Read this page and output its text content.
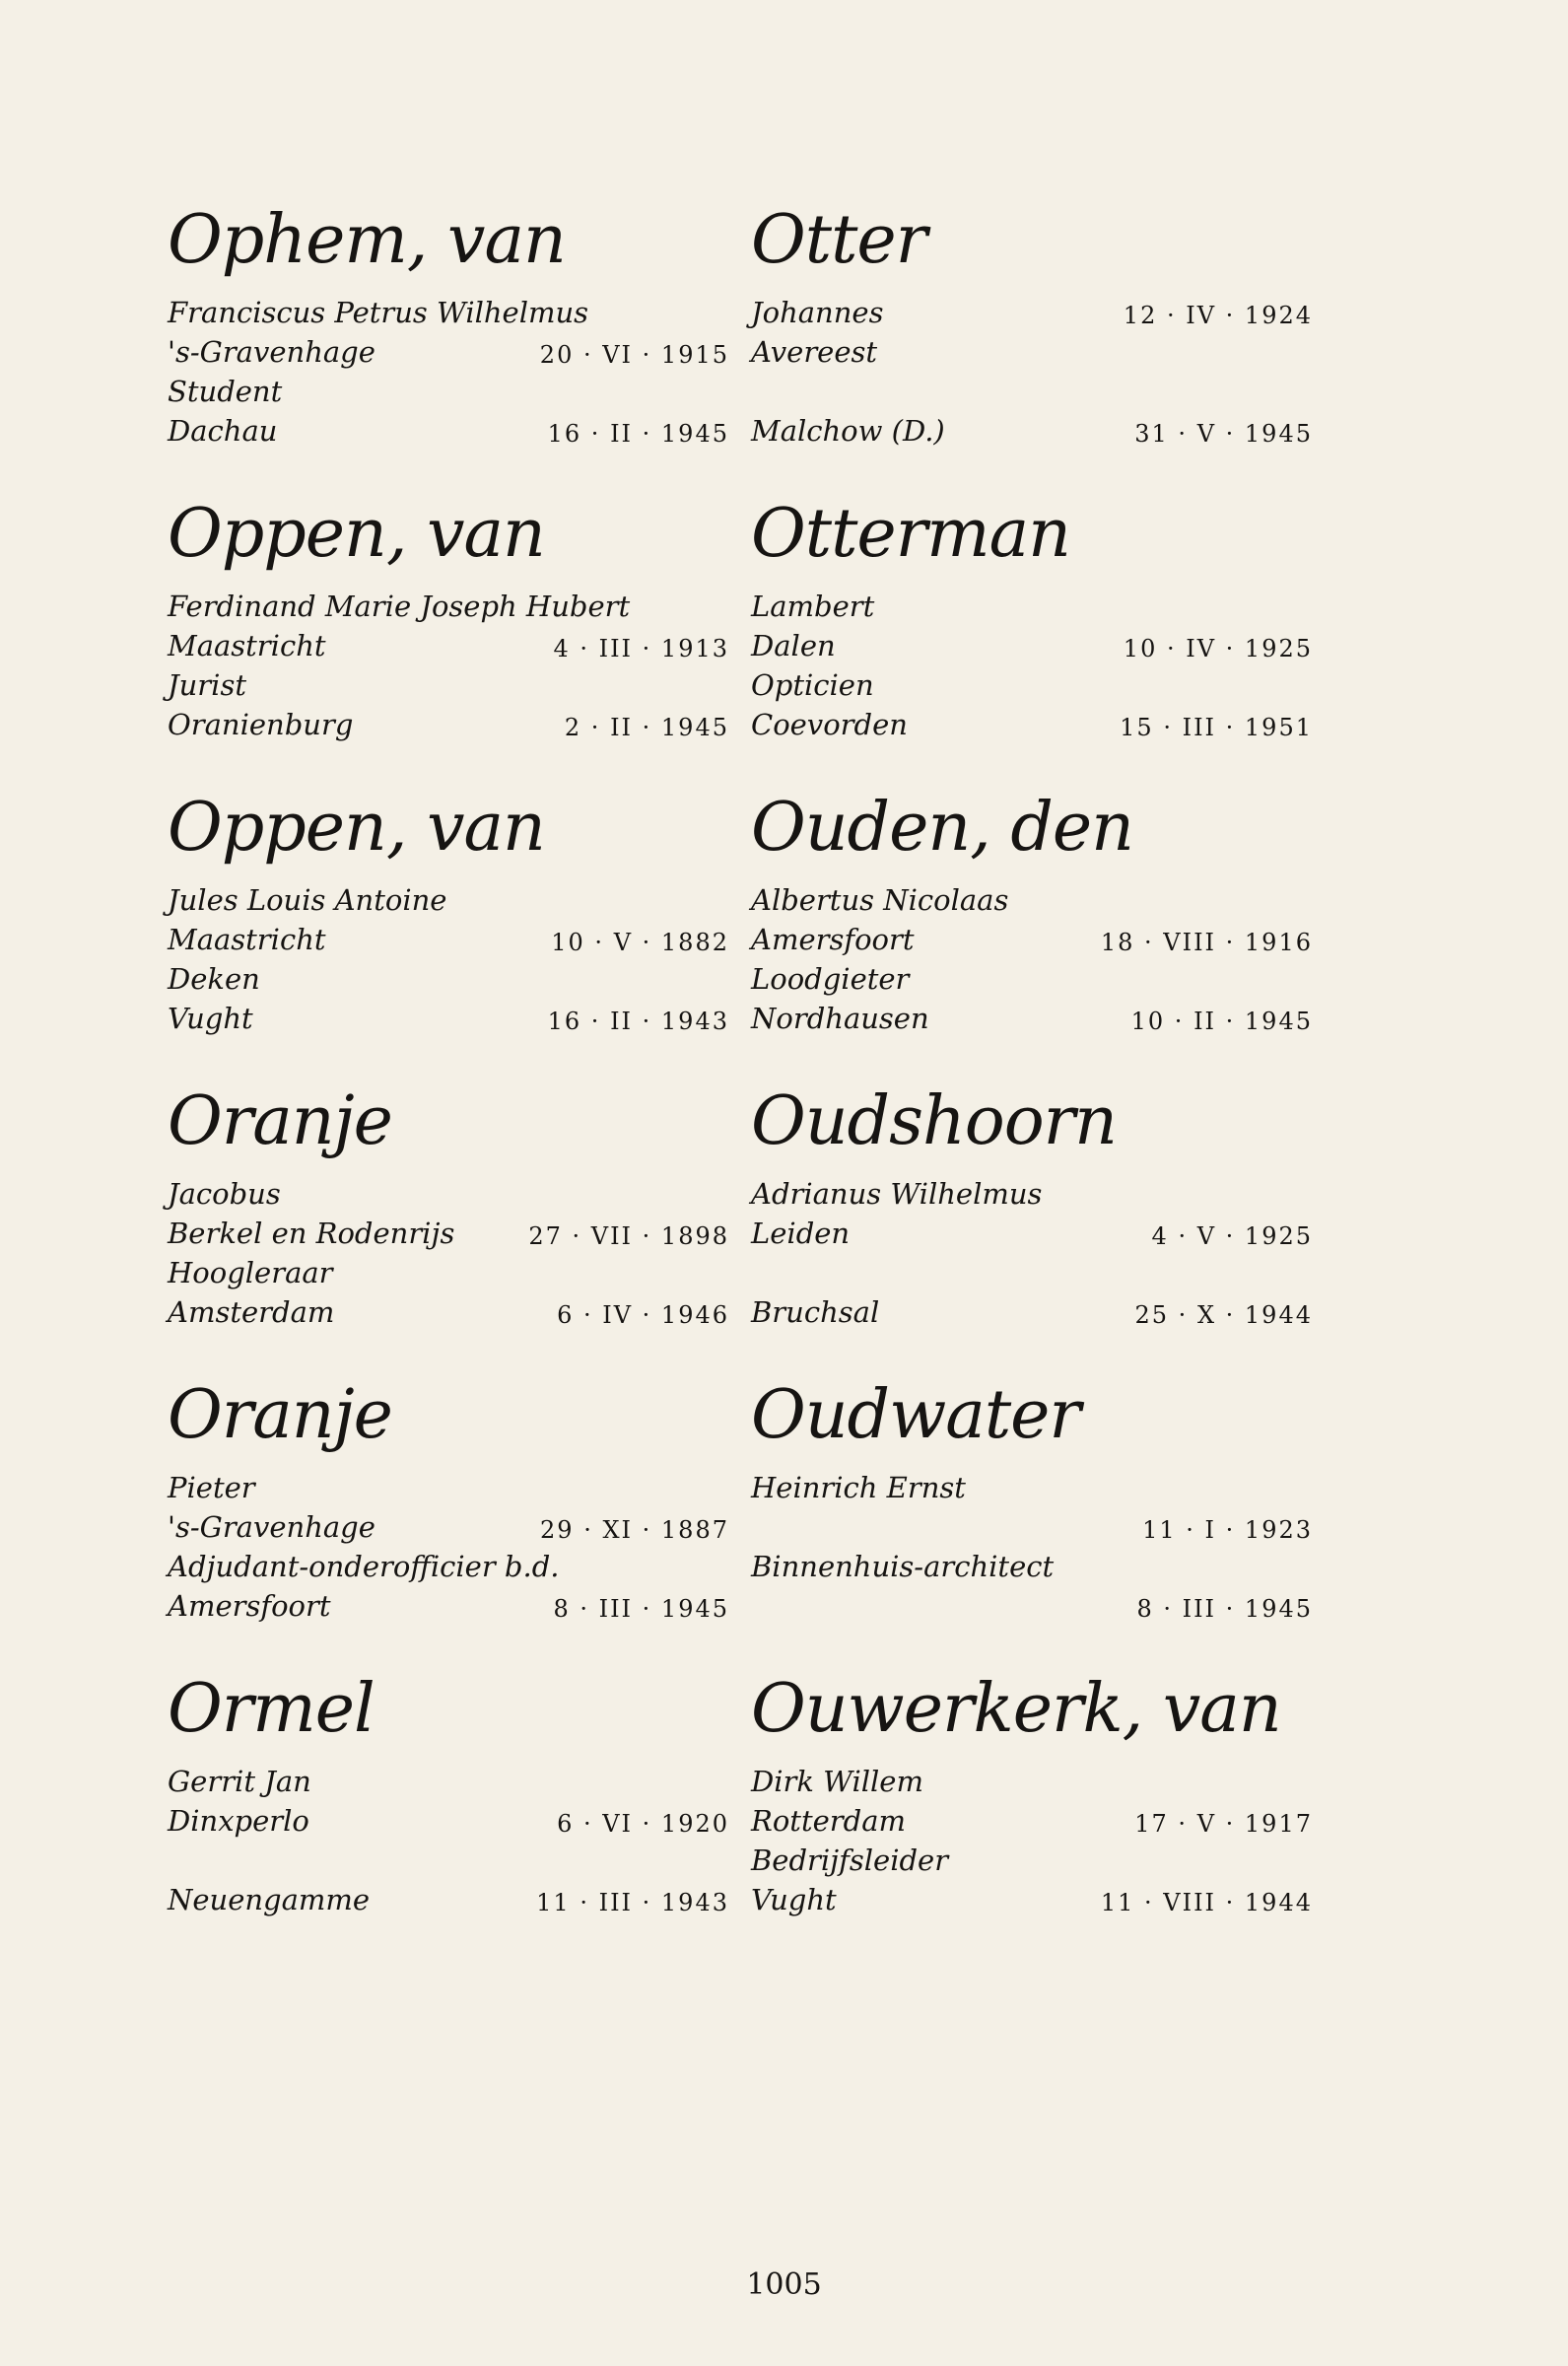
Ophem, van
Franciscus Petrus Wilhelmus
's-Gravenhage	20 · VI · 1915
Student
Dachau	16 · II · 1945
Oppen, van
Ferdinand Marie Joseph Hubert
Maastricht	4 · III · 1913
Jurist
Oranienburg	2 · II · 1945
Oppen, van
Jules Louis Antoine
Maastricht	10 · V · 1882
Deken
Vught	16 · II · 1943
Oranje
Jacobus
Berkel en Rodenrijs	27 · VII · 1898
Hoogleraar
Amsterdam	6 · IV · 1946
Oranje
Pieter
's-Gravenhage	29 · XI · 1887
Adjudant-onderofficier b.d.
Amersfoort	8 · III · 1945
Ormel
Gerrit Jan
Dinxperlo	6 · VI · 1920
Neuengamme	11 · III · 1943
Otter
Johannes	12 · IV · 1924
Avereest
Malchow (D.)	31 · V · 1945
Otterman
Lambert
Dalen	10 · IV · 1925
Opticien
Coevorden	15 · III · 1951
Ouden, den
Albertus Nicolaas
Amersfoort	18 · VIII · 1916
Loodgieter
Nordhausen	10 · II · 1945
Oudshoorn
Adrianus Wilhelmus
Leiden	4 · V · 1925
Bruchsal	25 · X · 1944
Oudwater
Heinrich Ernst
11 · I · 1923
Binnenhuis-architect
8 · III · 1945
Ouwerkerk, van
Dirk Willem
Rotterdam	17 · V · 1917
Bedrijfsleider
Vught	11 · VIII · 1944
1005
